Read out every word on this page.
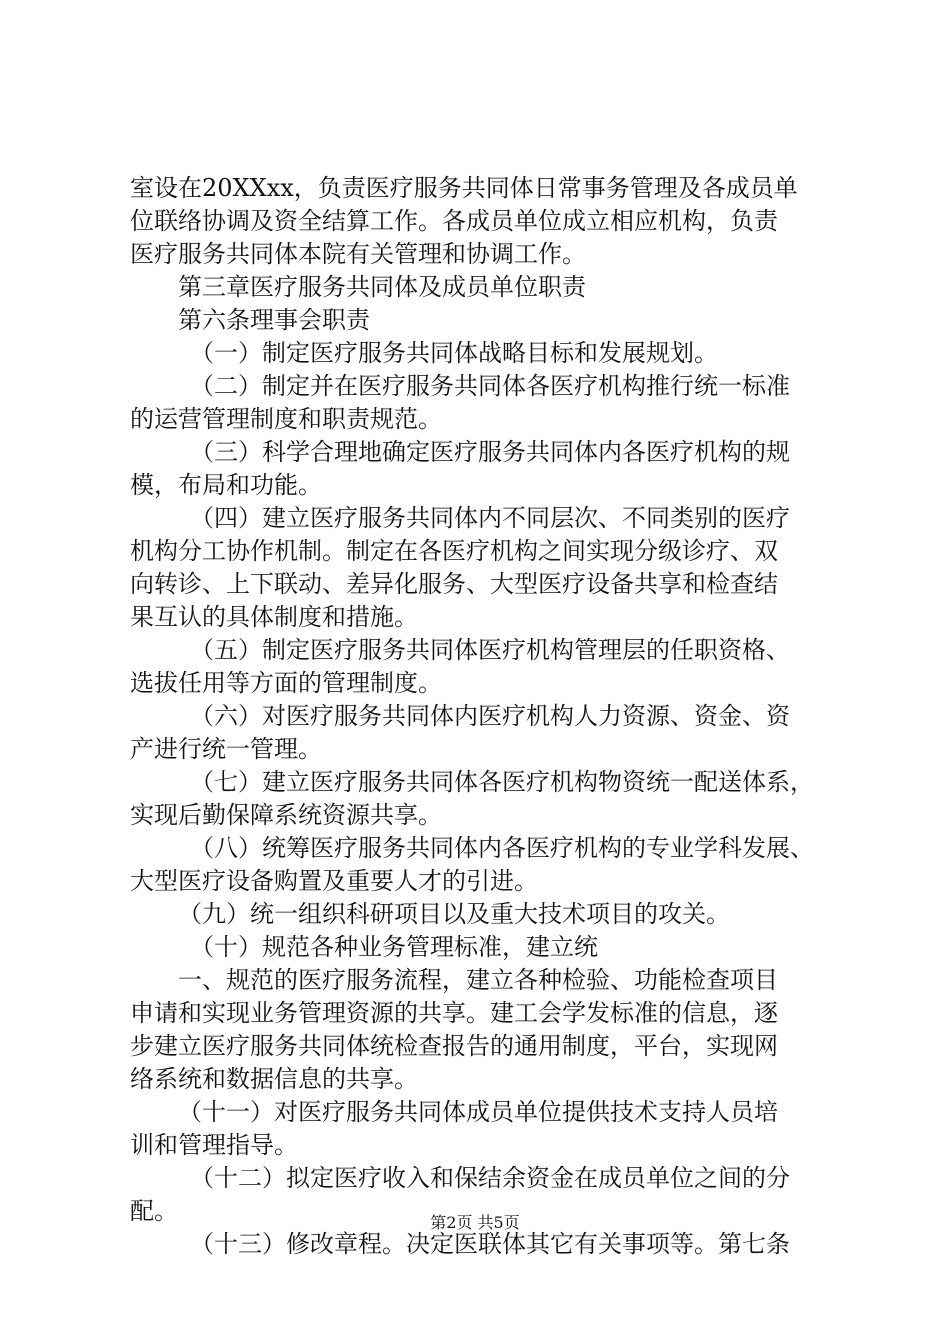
室设在20XXxx，负责医疗服务共同体日常事务管理及各成员单
位联络协调及资全结算工作。各成员单位成立相应机构，负责
医疗服务共同体本院有关管理和协调工作。
第三章医疗服务共同体及成员单位职责
第六条理事会职责
（一）制定医疗服务共同体战略目标和发展规划。
（二）制定并在医疗服务共同体各医疗机构推行统一标准
的运营管理制度和职责规范。
（三）科学合理地确定医疗服务共同体内各医疗机构的规
模，布局和功能。
（四）建立医疗服务共同体内不同层次、不同类别的医疗
机构分工协作机制。制定在各医疗机构之间实现分级诊疗、双
向转诊、上下联动、差异化服务、大型医疗设备共享和检查结
果互认的具体制度和措施。
（五）制定医疗服务共同体医疗机构管理层的任职资格、
选拔任用等方面的管理制度。
（六）对医疗服务共同体内医疗机构人力资源、资金、资
产进行统一管理。
（七）建立医疗服务共同体各医疗机构物资统一配送体系，
实现后勤保障系统资源共享。
（八）统筹医疗服务共同体内各医疗机构的专业学科发展、
大型医疗设备购置及重要人才的引进。
（九）统一组织科研项目以及重大技术项目的攻关。
（十）规范各种业务管理标准，建立统
一、规范的医疗服务流程，建立各种检验、功能检查项目
申请和实现业务管理资源的共享。建工会学发标准的信息，逐
步建立医疗服务共同体统检查报告的通用制度，平台，实现网
络系统和数据信息的共享。
（十一）对医疗服务共同体成员单位提供技术支持人员培
训和管理指导。
（十二）拟定医疗收入和保结余资金在成员单位之间的分
配。
（十三）修改章程。决定医联体其它有关事项等。第七条
第2页 共5页
